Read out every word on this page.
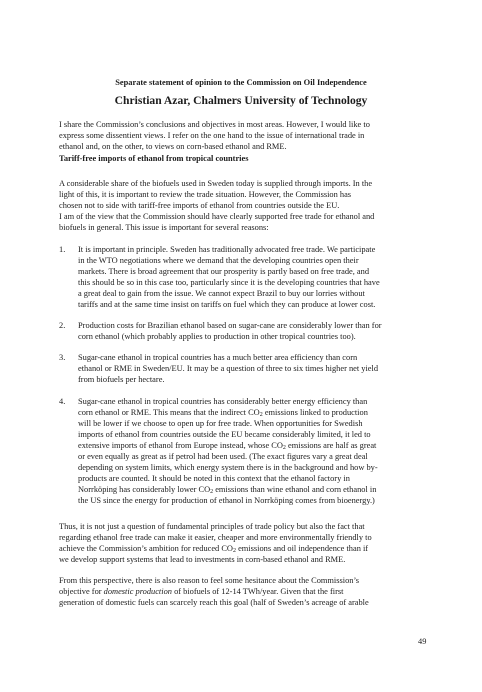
Separate statement of opinion to the Commission on Oil Independence
Christian Azar, Chalmers University of Technology
I share the Commission’s conclusions and objectives in most areas. However, I would like to
express some dissentient views. I refer on the one hand to the issue of international trade in
ethanol and, on the other, to views on corn-based ethanol and RME.
Tariff-free imports of ethanol from tropical countries
A considerable share of the biofuels used in Sweden today is supplied through imports. In the
light of this, it is important to review the trade situation. However, the Commission has
chosen not to side with tariff-free imports of ethanol from countries outside the EU.
I am of the view that the Commission should have clearly supported free trade for ethanol and
biofuels in general. This issue is important for several reasons:
1.	It is important in principle. Sweden has traditionally advocated free trade. We participate
in the WTO negotiations where we demand that the developing countries open their
markets. There is broad agreement that our prosperity is partly based on free trade, and
this should be so in this case too, particularly since it is the developing countries that have
a great deal to gain from the issue. We cannot expect Brazil to buy our lorries without
tariffs and at the same time insist on tariffs on fuel which they can produce at lower cost.
2.	Production costs for Brazilian ethanol based on sugar-cane are considerably lower than for
corn ethanol (which probably applies to production in other tropical countries too).
3.	Sugar-cane ethanol in tropical countries has a much better area efficiency than corn
ethanol or RME in Sweden/EU. It may be a question of three to six times higher net yield
from biofuels per hectare.
4.	Sugar-cane ethanol in tropical countries has considerably better energy efficiency than
corn ethanol or RME. This means that the indirect $CO_2$ emissions linked to production
will be lower if we choose to open up for free trade. When opportunities for Swedish
imports of ethanol from countries outside the EU became considerably limited, it led to
extensive imports of ethanol from Europe instead, whose $CO_2$ emissions are half as great
or even equally as great as if petrol had been used. (The exact figures vary a great deal
depending on system limits, which energy system there is in the background and how by-
products are counted. It should be noted in this context that the ethanol factory in
Norrköping has considerably lower $CO_2$ emissions than wine ethanol and corn ethanol in
the US since the energy for production of ethanol in Norrköping comes from bioenergy.)
Thus, it is not just a question of fundamental principles of trade policy but also the fact that
regarding ethanol free trade can make it easier, cheaper and more environmentally friendly to
achieve the Commission’s ambition for reduced $CO_2$ emissions and oil independence than if
we develop support systems that lead to investments in corn-based ethanol and RME.
From this perspective, there is also reason to feel some hesitance about the Commission’s
objective for domestic production of biofuels of 12-14 TWh/year. Given that the first
generation of domestic fuels can scarcely reach this goal (half of Sweden’s acreage of arable
49
